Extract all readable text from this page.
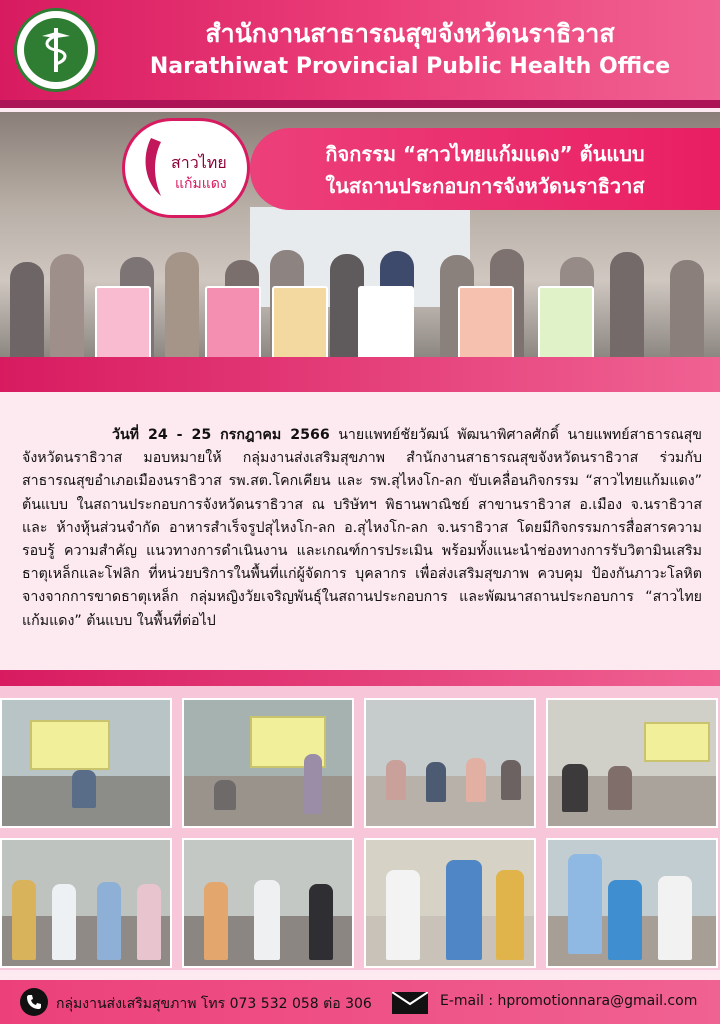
สำนักงานสาธารณสุขจังหวัดนราธิวาส
Narathiwat Provincial Public Health Office
สาวไทย
แก้มแดง
กิจกรรม “สาวไทยแก้มแดง” ต้นแบบ
ในสถานประกอบการจังหวัดนราธิวาส
วันที่ 24 - 25 กรกฎาคม 2566 นายแพทย์ชัยวัฒน์ พัฒนาพิศาลศักดิ์ นายแพทย์สาธารณสุขจังหวัดนราธิวาส มอบหมายให้ กลุ่มงานส่งเสริมสุขภาพ สำนักงานสาธารณสุขจังหวัดนราธิวาส ร่วมกับสาธารณสุขอำเภอเมืองนราธิวาส รพ.สต.โคกเคียน และ รพ.สุไหงโก-ลก ขับเคลื่อนกิจกรรม “สาวไทยแก้มแดง” ต้นแบบ ในสถานประกอบการจังหวัดนราธิวาส ณ บริษัทฯ พิธานพาณิชย์ สาขานราธิวาส อ.เมือง จ.นราธิวาส และ ห้างหุ้นส่วนจำกัด อาหารสำเร็จรูปสุไหงโก-ลก อ.สุไหงโก-ลก จ.นราธิวาส โดยมีกิจกรรมการสื่อสารความรอบรู้ ความสำคัญ แนวทางการดำเนินงาน และเกณฑ์การประเมิน พร้อมทั้งแนะนำช่องทางการรับวิตามินเสริมธาตุเหล็กและโฟลิก ที่หน่วยบริการในพื้นที่แก่ผู้จัดการ บุคลากร เพื่อส่งเสริมสุขภาพ ควบคุม ป้องกันภาวะโลหิตจางจากการขาดธาตุเหล็ก กลุ่มหญิงวัยเจริญพันธุ์ในสถานประกอบการ และพัฒนาสถานประกอบการ “สาวไทยแก้มแดง” ต้นแบบ ในพื้นที่ต่อไป
กลุ่มงานส่งเสริมสุขภาพ โทร 073 532 058 ต่อ 306	E-mail : hpromotionnara@gmail.com
